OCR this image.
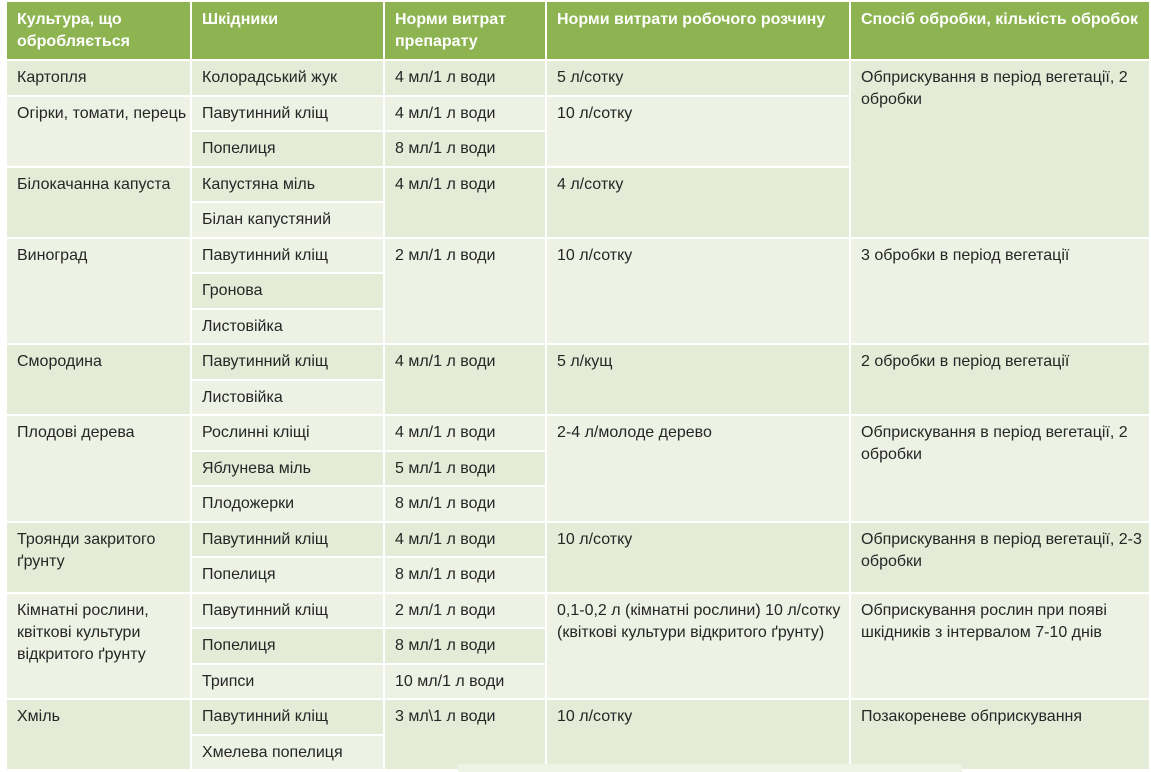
Культура, що обробляється	Шкідники	Норми витрат препарату	Норми витрати робочого розчину	Спосіб обробки, кількість обробок
Картопля	Колорадський жук	4 мл/1 л води	5 л/сотку	Обприскування в період вегетації, 2 обробки
Огірки, томати, перець	Павутинний кліщ	4 мл/1 л води	10 л/сотку	
	Попелиця	8 мл/1 л води		
Білокачанна капуста	Капустяна міль	4 мл/1 л води	4 л/сотку	
	Білан капустяний			
Виноград	Павутинний кліщ	2 мл/1 л води	10 л/сотку	3 обробки в період вегетації
	Гронова			
	Листовійка			
Смородина	Павутинний кліщ	4 мл/1 л води	5 л/кущ	2 обробки в період вегетації
	Листовійка			
Плодові дерева	Рослинні кліщі	4 мл/1 л води	2-4 л/молоде дерево	Обприскування в період вегетації, 2 обробки
	Яблунева міль	5 мл/1 л води		
	Плодожерки	8 мл/1 л води		
Троянди закритого ґрунту	Павутинний кліщ	4 мл/1 л води	10 л/сотку	Обприскування в період вегетації, 2-3 обробки
	Попелиця	8 мл/1 л води		
Кімнатні рослини, квіткові культури відкритого ґрунту	Павутинний кліщ	2 мл/1 л води	0,1-0,2 л (кімнатні рослини) 10 л/сотку (квіткові культури відкритого ґрунту)	Обприскування рослин при появі шкідників з інтервалом 7-10 днів
	Попелиця	8 мл/1 л води		
	Трипси	10 мл/1 л води		
Хміль	Павутинний кліщ	3 мл\1 л води	10 л/сотку	Позакореневе обприскування
	Хмелева попелиця			
